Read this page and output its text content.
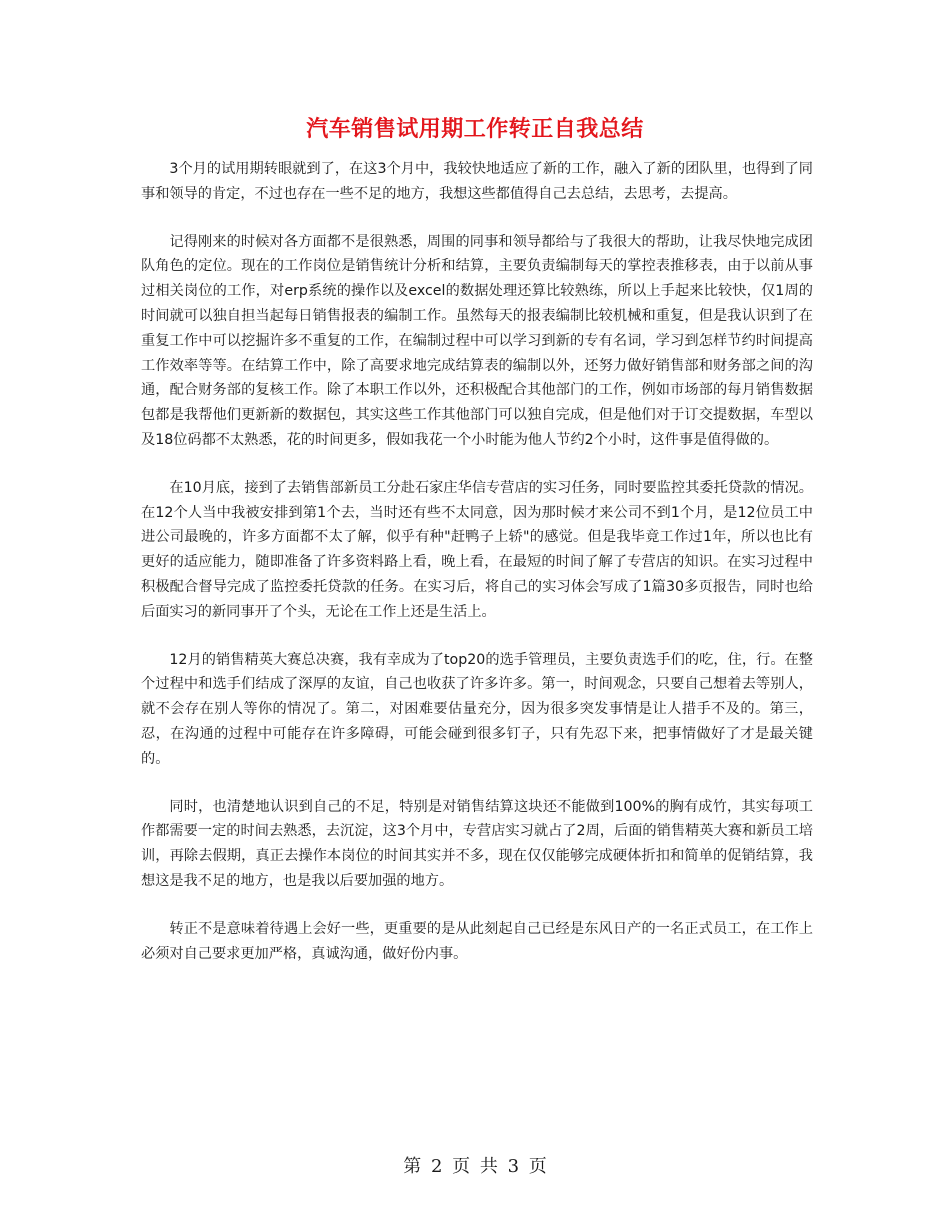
汽车销售试用期工作转正自我总结

3个月的试用期转眼就到了，在这3个月中，我较快地适应了新的工作，融入了新的团队里，也得到了同事和领导的肯定，不过也存在一些不足的地方，我想这些都值得自己去总结，去思考，去提高。

记得刚来的时候对各方面都不是很熟悉，周围的同事和领导都给与了我很大的帮助，让我尽快地完成团队角色的定位。现在的工作岗位是销售统计分析和结算，主要负责编制每天的掌控表推移表，由于以前从事过相关岗位的工作，对erp系统的操作以及excel的数据处理还算比较熟练，所以上手起来比较快，仅1周的时间就可以独自担当起每日销售报表的编制工作。虽然每天的报表编制比较机械和重复，但是我认识到了在重复工作中可以挖掘许多不重复的工作，在编制过程中可以学习到新的专有名词，学习到怎样节约时间提高工作效率等等。在结算工作中，除了高要求地完成结算表的编制以外，还努力做好销售部和财务部之间的沟通，配合财务部的复核工作。除了本职工作以外，还积极配合其他部门的工作，例如市场部的每月销售数据包都是我帮他们更新新的数据包，其实这些工作其他部门可以独自完成，但是他们对于订交提数据，车型以及18位码都不太熟悉，花的时间更多，假如我花一个小时能为他人节约2个小时，这件事是值得做的。

在10月底，接到了去销售部新员工分赴石家庄华信专营店的实习任务，同时要监控其委托贷款的情况。在12个人当中我被安排到第1个去，当时还有些不太同意，因为那时候才来公司不到1个月，是12位员工中进公司最晚的，许多方面都不太了解，似乎有种"赶鸭子上轿"的感觉。但是我毕竟工作过1年，所以也比有更好的适应能力，随即准备了许多资料路上看，晚上看，在最短的时间了解了专营店的知识。在实习过程中积极配合督导完成了监控委托贷款的任务。在实习后，将自己的实习体会写成了1篇30多页报告，同时也给后面实习的新同事开了个头，无论在工作上还是生活上。

12月的销售精英大赛总决赛，我有幸成为了top20的选手管理员，主要负责选手们的吃，住，行。在整个过程中和选手们结成了深厚的友谊，自己也收获了许多许多。第一，时间观念，只要自己想着去等别人，就不会存在别人等你的情况了。第二，对困难要估量充分，因为很多突发事情是让人措手不及的。第三，忍，在沟通的过程中可能存在许多障碍，可能会碰到很多钉子，只有先忍下来，把事情做好了才是最关键的。

同时，也清楚地认识到自己的不足，特别是对销售结算这块还不能做到100%的胸有成竹，其实每项工作都需要一定的时间去熟悉，去沉淀，这3个月中，专营店实习就占了2周，后面的销售精英大赛和新员工培训，再除去假期，真正去操作本岗位的时间其实并不多，现在仅仅能够完成硬体折扣和简单的促销结算，我想这是我不足的地方，也是我以后要加强的地方。

转正不是意味着待遇上会好一些，更重要的是从此刻起自己已经是东风日产的一名正式员工，在工作上必须对自己要求更加严格，真诚沟通，做好份内事。

第 2 页 共 3 页
